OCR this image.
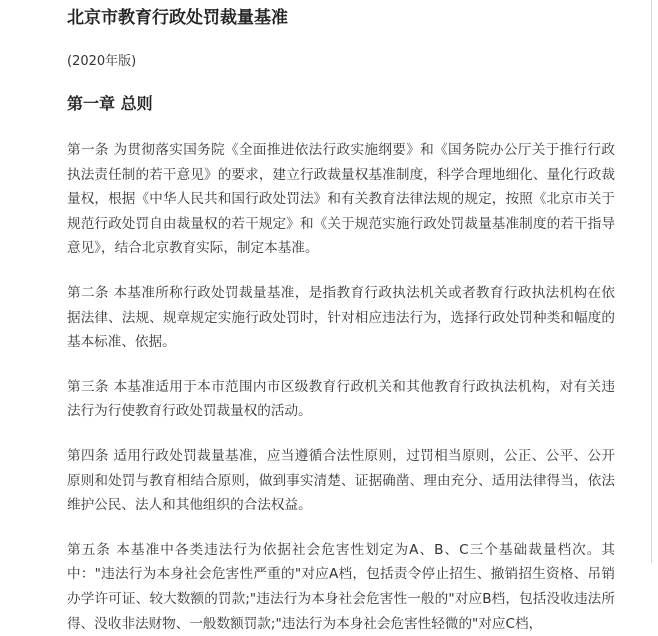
北京市教育行政处罚裁量基准
(2020年版)
第一章 总则

第一条 为贯彻落实国务院《全面推进依法行政实施纲要》和《国务院办公厅关于推行行政执法责任制的若干意见》的要求，建立行政裁量权基准制度，科学合理地细化、量化行政裁量权，根据《中华人民共和国行政处罚法》和有关教育法律法规的规定，按照《北京市关于规范行政处罚自由裁量权的若干规定》和《关于规范实施行政处罚裁量基准制度的若干指导意见》，结合北京教育实际，制定本基准。

第二条 本基准所称行政处罚裁量基准，是指教育行政执法机关或者教育行政执法机构在依据法律、法规、规章规定实施行政处罚时，针对相应违法行为，选择行政处罚种类和幅度的基本标准、依据。

第三条 本基准适用于本市范围内市区级教育行政机关和其他教育行政执法机构，对有关违法行为行使教育行政处罚裁量权的活动。

第四条 适用行政处罚裁量基准，应当遵循合法性原则，过罚相当原则，公正、公平、公开原则和处罚与教育相结合原则，做到事实清楚、证据确凿、理由充分、适用法律得当，依法维护公民、法人和其他组织的合法权益。

第五条 本基准中各类违法行为依据社会危害性划定为A、B、C三个基础裁量档次。其中："违法行为本身社会危害性严重的"对应A档，包括责令停止招生、撤销招生资格、吊销办学许可证、较大数额的罚款;"违法行为本身社会危害性一般的"对应B档，包括没收违法所得、没收非法财物、一般数额罚款;"违法行为本身社会危害性轻微的"对应C档，
